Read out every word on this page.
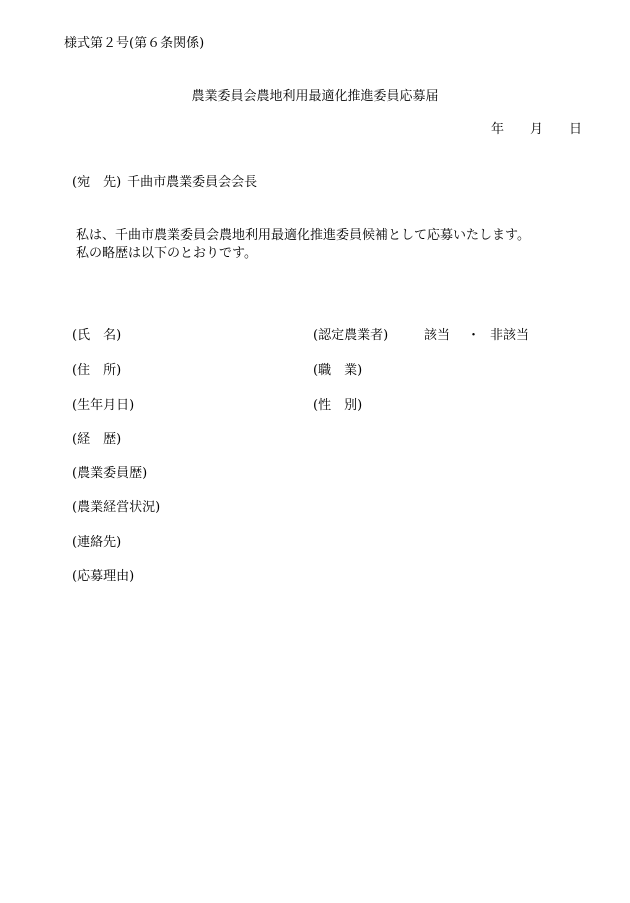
様式第２号(第６条関係)
農業委員会農地利用最適化推進委員応募届
年 月 日
(宛　先) 千曲市農業委員会会長
私は、千曲市農業委員会農地利用最適化推進委員候補として応募いたします。
私の略歴は以下のとおりです。
(氏　名)	(認定農業者)	該当 ・ 非該当
(住　所)	(職　業)
(生年月日)	(性　別)
(経　歴)
(農業委員歴)
(農業経営状況)
(連絡先)
(応募理由)
